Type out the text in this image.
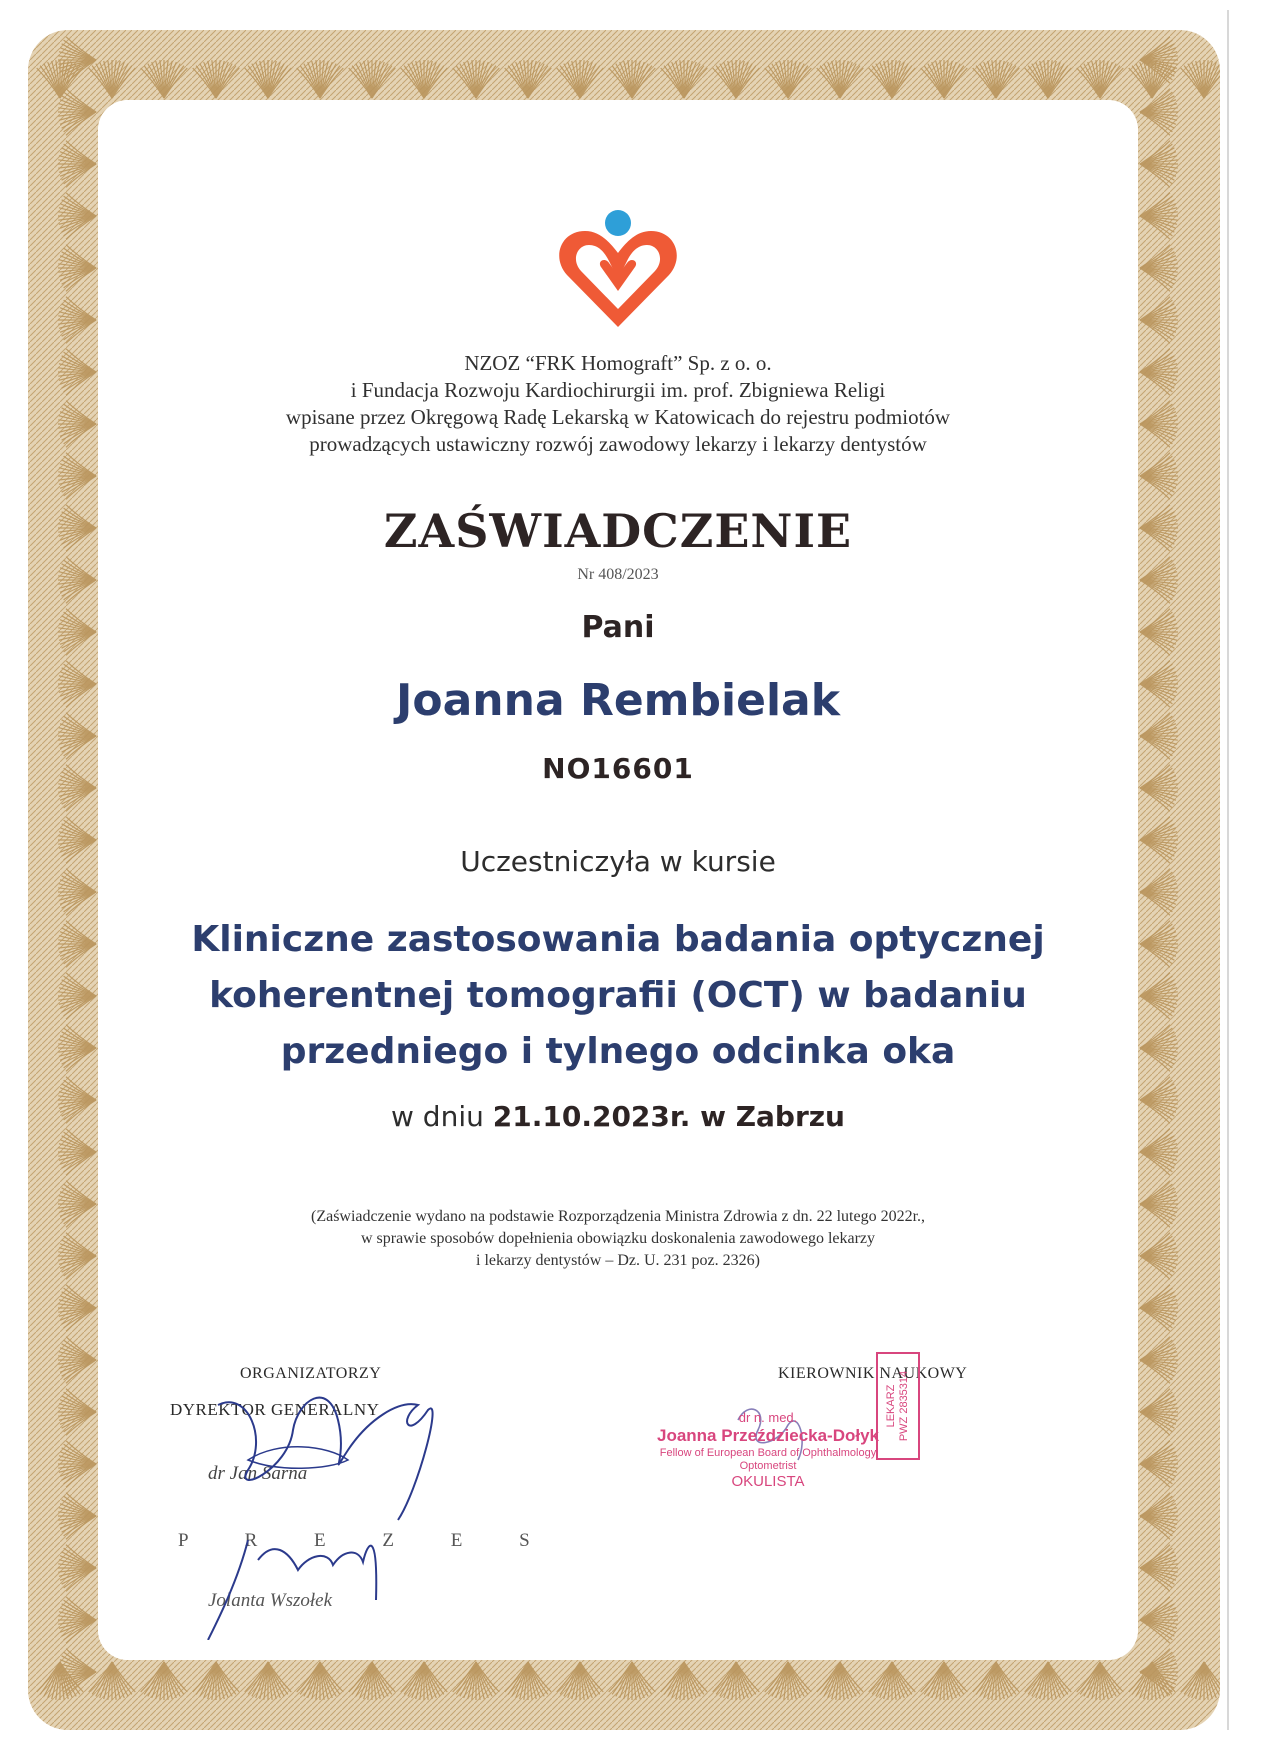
NZOZ “FRK Homograft” Sp. z o. o.
i Fundacja Rozwoju Kardiochirurgii im. prof. Zbigniewa Religi
wpisane przez Okręgową Radę Lekarską w Katowicach do rejestru podmiotów
prowadzących ustawiczny rozwój zawodowy lekarzy i lekarzy dentystów
ZAŚWIADCZENIE
Nr 408/2023
Pani
Joanna Rembielak
NO16601
Uczestniczyła w kursie
Kliniczne zastosowania badania optycznej
koherentnej tomografii (OCT) w badaniu
przedniego i tylnego odcinka oka
w dniu 21.10.2023r. w Zabrzu
(Zaświadczenie wydano na podstawie Rozporządzenia Ministra Zdrowia z dn. 22 lutego 2022r.,
w sprawie sposobów dopełnienia obowiązku doskonalenia zawodowego lekarzy
i lekarzy dentystów – Dz. U. 231 poz. 2326)
ORGANIZATORZY
DYREKTOR GENERALNY
dr Jan Sarna
P R E Z E S
Jolanta Wszołek
KIEROWNIK NAUKOWY
dr n. med.
Joanna Przeździecka-Dołyk
Fellow of European Board of Ophthalmology
Optometrist
OKULISTA
LEKARZ PWZ 2835314
